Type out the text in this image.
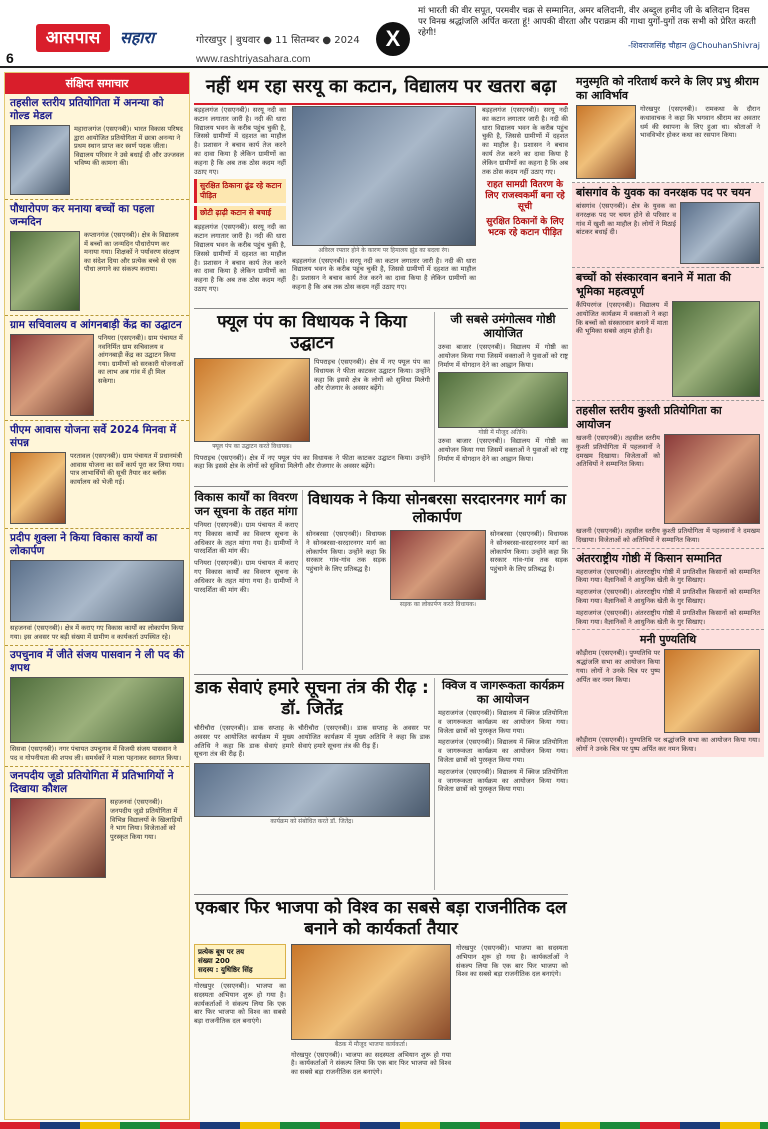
6
आसपास	सहारा	गोरखपुर | बुधवार ● 11 सितम्बर ● 2024
www.rashtriyasahara.com
X
मां भारती की वीर सपूत, परमवीर चक्र से सम्मानित, अमर बलिदानी, वीर अब्दुल हमीद जी के बलिदान दिवस पर विनम्र श्रद्धांजलि अर्पित करता हूं! आपकी वीरता और पराक्रम की गाथा युगों-युगों तक सभी को प्रेरित करती रहेगी!
-शिवराजसिंह चौहान @ChouhanShivraj
संक्षिप्त समाचार
तहसील स्तरीय प्रतियोगिता में अनन्या को गोल्ड मेडल

महाराजगंज (एसएनबी)। भारत विकास परिषद द्वारा आयोजित प्रतियोगिता में छात्रा अनन्या ने प्रथम स्थान प्राप्त कर स्वर्ण पदक जीता। विद्यालय परिवार ने उसे बधाई दी और उज्जवल भविष्य की कामना की।

पौधारोपण कर मनाया बच्चों का पहला जन्मदिन

कप्तानगंज (एसएनबी)। क्षेत्र के विद्यालय में बच्चों का जन्मदिन पौधारोपण कर मनाया गया। शिक्षकों ने पर्यावरण संरक्षण का संदेश दिया और प्रत्येक बच्चे से एक पौधा लगाने का संकल्प कराया।

ग्राम सचिवालय व आंगनबाड़ी केंद्र का उद्घाटन

पनियरा (एसएनबी)। ग्राम पंचायत में नवनिर्मित ग्राम सचिवालय व आंगनबाड़ी केंद्र का उद्घाटन किया गया। ग्रामीणों को सरकारी योजनाओं का लाभ अब गांव में ही मिल सकेगा।

पीएम आवास योजना सर्वे 2024 मिनवा में संपन्न

परतावल (एसएनबी)। ग्राम पंचायत में प्रधानमंत्री आवास योजना का सर्वे कार्य पूरा कर लिया गया। पात्र लाभार्थियों की सूची तैयार कर ब्लॉक कार्यालय को भेजी गई।

प्रदीप शुक्ला ने किया विकास कार्यों का लोकार्पण

सहजनवां (एसएनबी)। क्षेत्र में कराए गए विकास कार्यों का लोकार्पण किया गया। इस अवसर पर बड़ी संख्या में ग्रामीण व कार्यकर्ता उपस्थित रहे।

उपचुनाव में जीते संजय पासवान ने ली पद की शपथ

सिसवा (एसएनबी)। नगर पंचायत उपचुनाव में विजयी संजय पासवान ने पद व गोपनीयता की शपथ ली। समर्थकों ने माला पहनाकर स्वागत किया।

जनपदीय जूडो प्रतियोगिता में प्रतिभागियों ने दिखाया कौशल

सहजनवां (एसएनबी)। जनपदीय जूडो प्रतियोगिता में विभिन्न विद्यालयों के खिलाड़ियों ने भाग लिया। विजेताओं को पुरस्कृत किया गया।

नहीं थम रहा सरयू का कटान, विद्यालय पर खतरा बढ़ा

बड़हलगंज (एसएनबी)। सरयू नदी का कटान लगातार जारी है। नदी की धारा विद्यालय भवन के करीब पहुंच चुकी है, जिससे ग्रामीणों में दहशत का माहौल है। प्रशासन ने बचाव कार्य तेज करने का दावा किया है लेकिन ग्रामीणों का कहना है कि अब तक ठोस कदम नहीं उठाए गए।

सुरक्षित ठिकाना ढूंढ रहे कटान पीड़ित
छोटी ढ़ाढ़ी कटान से बचाई

बड़हलगंज (एसएनबी)। सरयू नदी का कटान लगातार जारी है। नदी की धारा विद्यालय भवन के करीब पहुंच चुकी है, जिससे ग्रामीणों में दहशत का माहौल है। प्रशासन ने बचाव कार्य तेज करने का दावा किया है लेकिन ग्रामीणों का कहना है कि अब तक ठोस कदम नहीं उठाए गए।

अविरल रफ्तार होने के कारण पर हिमालय झुंड का बदला रंग।

बड़हलगंज (एसएनबी)। सरयू नदी का कटान लगातार जारी है। नदी की धारा विद्यालय भवन के करीब पहुंच चुकी है, जिससे ग्रामीणों में दहशत का माहौल है। प्रशासन ने बचाव कार्य तेज करने का दावा किया है लेकिन ग्रामीणों का कहना है कि अब तक ठोस कदम नहीं उठाए गए।

बड़हलगंज (एसएनबी)। सरयू नदी का कटान लगातार जारी है। नदी की धारा विद्यालय भवन के करीब पहुंच चुकी है, जिससे ग्रामीणों में दहशत का माहौल है। प्रशासन ने बचाव कार्य तेज करने का दावा किया है लेकिन ग्रामीणों का कहना है कि अब तक ठोस कदम नहीं उठाए गए।

राहत सामग्री वितरण के लिए राजस्वकर्मी बना रहे सूची
सुरक्षित ठिकानों के लिए भटक रहे कटान पीड़ित
फ्यूल पंप का विधायक ने किया उद्घाटन
फ्यूल पंप का उद्घाटन करते विधायक।

पिपराइच (एसएनबी)। क्षेत्र में नए फ्यूल पंप का विधायक ने फीता काटकर उद्घाटन किया। उन्होंने कहा कि इससे क्षेत्र के लोगों को सुविधा मिलेगी और रोजगार के अवसर बढ़ेंगे।

पिपराइच (एसएनबी)। क्षेत्र में नए फ्यूल पंप का विधायक ने फीता काटकर उद्घाटन किया। उन्होंने कहा कि इससे क्षेत्र के लोगों को सुविधा मिलेगी और रोजगार के अवसर बढ़ेंगे।

जी सबसे उमंगोत्सव गोष्ठी आयोजित

उरुवा बाजार (एसएनबी)। विद्यालय में गोष्ठी का आयोजन किया गया जिसमें वक्ताओं ने युवाओं को राष्ट्र निर्माण में योगदान देने का आह्वान किया।

गोष्ठी में मौजूद अतिथि।

उरुवा बाजार (एसएनबी)। विद्यालय में गोष्ठी का आयोजन किया गया जिसमें वक्ताओं ने युवाओं को राष्ट्र निर्माण में योगदान देने का आह्वान किया।

विकास कार्यों का विवरण जन सूचना के तहत मांगा

पनियरा (एसएनबी)। ग्राम पंचायत में कराए गए विकास कार्यों का विवरण सूचना के अधिकार के तहत मांगा गया है। ग्रामीणों ने पारदर्शिता की मांग की।

पनियरा (एसएनबी)। ग्राम पंचायत में कराए गए विकास कार्यों का विवरण सूचना के अधिकार के तहत मांगा गया है। ग्रामीणों ने पारदर्शिता की मांग की।

विधायक ने किया सोनबरसा सरदारनगर मार्ग का लोकार्पण

सोनबरसा (एसएनबी)। विधायक ने सोनबरसा-सरदारनगर मार्ग का लोकार्पण किया। उन्होंने कहा कि सरकार गांव-गांव तक सड़क पहुंचाने के लिए प्रतिबद्ध है।

सड़क का लोकार्पण करते विधायक।

सोनबरसा (एसएनबी)। विधायक ने सोनबरसा-सरदारनगर मार्ग का लोकार्पण किया। उन्होंने कहा कि सरकार गांव-गांव तक सड़क पहुंचाने के लिए प्रतिबद्ध है।

डाक सेवाएं हमारे सूचना तंत्र की रीढ़ : डॉ. जितेंद्र

चौरीचौरा (एसएनबी)। डाक सप्ताह के अवसर पर आयोजित कार्यक्रम में मुख्य अतिथि ने कहा कि डाक सेवाएं हमारे सूचना तंत्र की रीढ़ हैं।

चौरीचौरा (एसएनबी)। डाक सप्ताह के अवसर पर आयोजित कार्यक्रम में मुख्य अतिथि ने कहा कि डाक सेवाएं हमारे सूचना तंत्र की रीढ़ हैं।

कार्यक्रम को संबोधित करते डॉ. जितेंद्र।
क्विज व जागरूकता कार्यक्रम का आयोजन

महराजगंज (एसएनबी)। विद्यालय में क्विज प्रतियोगिता व जागरूकता कार्यक्रम का आयोजन किया गया। विजेता छात्रों को पुरस्कृत किया गया।

महराजगंज (एसएनबी)। विद्यालय में क्विज प्रतियोगिता व जागरूकता कार्यक्रम का आयोजन किया गया। विजेता छात्रों को पुरस्कृत किया गया।

महराजगंज (एसएनबी)। विद्यालय में क्विज प्रतियोगिता व जागरूकता कार्यक्रम का आयोजन किया गया। विजेता छात्रों को पुरस्कृत किया गया।

एकबार फिर भाजपा को विश्व का सबसे बड़ा राजनीतिक दल बनाने को कार्यकर्ता तैयार
प्रत्येक बूथ पर तय
संख्या 200
सदस्य : युधिष्ठिर सिंह

गोरखपुर (एसएनबी)। भाजपा का सदस्यता अभियान शुरू हो गया है। कार्यकर्ताओं ने संकल्प लिया कि एक बार फिर भाजपा को विश्व का सबसे बड़ा राजनीतिक दल बनाएंगे।

बैठक में मौजूद भाजपा कार्यकर्ता।

गोरखपुर (एसएनबी)। भाजपा का सदस्यता अभियान शुरू हो गया है। कार्यकर्ताओं ने संकल्प लिया कि एक बार फिर भाजपा को विश्व का सबसे बड़ा राजनीतिक दल बनाएंगे।

गोरखपुर (एसएनबी)। भाजपा का सदस्यता अभियान शुरू हो गया है। कार्यकर्ताओं ने संकल्प लिया कि एक बार फिर भाजपा को विश्व का सबसे बड़ा राजनीतिक दल बनाएंगे।

मनुस्मृति को नरितार्थ करने के लिए प्रभु श्रीराम का आविर्भाव

गोरखपुर (एसएनबी)। रामकथा के दौरान कथावाचक ने कहा कि भगवान श्रीराम का अवतार धर्म की स्थापना के लिए हुआ था। श्रोताओं ने भावविभोर होकर कथा का रसपान किया।

बांसगांव के युवक का वनरक्षक पद पर चयन

बांसगांव (एसएनबी)। क्षेत्र के युवक का वनरक्षक पद पर चयन होने से परिवार व गांव में खुशी का माहौल है। लोगों ने मिठाई बांटकर बधाई दी।

बच्चों को संस्कारवान बनाने में माता की भूमिका महत्वपूर्ण

कैंपियरगंज (एसएनबी)। विद्यालय में आयोजित कार्यक्रम में वक्ताओं ने कहा कि बच्चों को संस्कारवान बनाने में माता की भूमिका सबसे अहम होती है।

तहसील स्तरीय कुश्ती प्रतियोगिता का आयोजन

खजनी (एसएनबी)। तहसील स्तरीय कुश्ती प्रतियोगिता में पहलवानों ने दमखम दिखाया। विजेताओं को अतिथियों ने सम्मानित किया।

खजनी (एसएनबी)। तहसील स्तरीय कुश्ती प्रतियोगिता में पहलवानों ने दमखम दिखाया। विजेताओं को अतिथियों ने सम्मानित किया।

अंतरराष्ट्रीय गोष्ठी में किसान सम्मानित

महराजगंज (एसएनबी)। अंतरराष्ट्रीय गोष्ठी में प्रगतिशील किसानों को सम्मानित किया गया। वैज्ञानिकों ने आधुनिक खेती के गुर सिखाए।

महराजगंज (एसएनबी)। अंतरराष्ट्रीय गोष्ठी में प्रगतिशील किसानों को सम्मानित किया गया। वैज्ञानिकों ने आधुनिक खेती के गुर सिखाए।

महराजगंज (एसएनबी)। अंतरराष्ट्रीय गोष्ठी में प्रगतिशील किसानों को सम्मानित किया गया। वैज्ञानिकों ने आधुनिक खेती के गुर सिखाए।

मनी पुण्यतिथि

कौड़ीराम (एसएनबी)। पुण्यतिथि पर श्रद्धांजलि सभा का आयोजन किया गया। लोगों ने उनके चित्र पर पुष्प अर्पित कर नमन किया।

कौड़ीराम (एसएनबी)। पुण्यतिथि पर श्रद्धांजलि सभा का आयोजन किया गया। लोगों ने उनके चित्र पर पुष्प अर्पित कर नमन किया।
